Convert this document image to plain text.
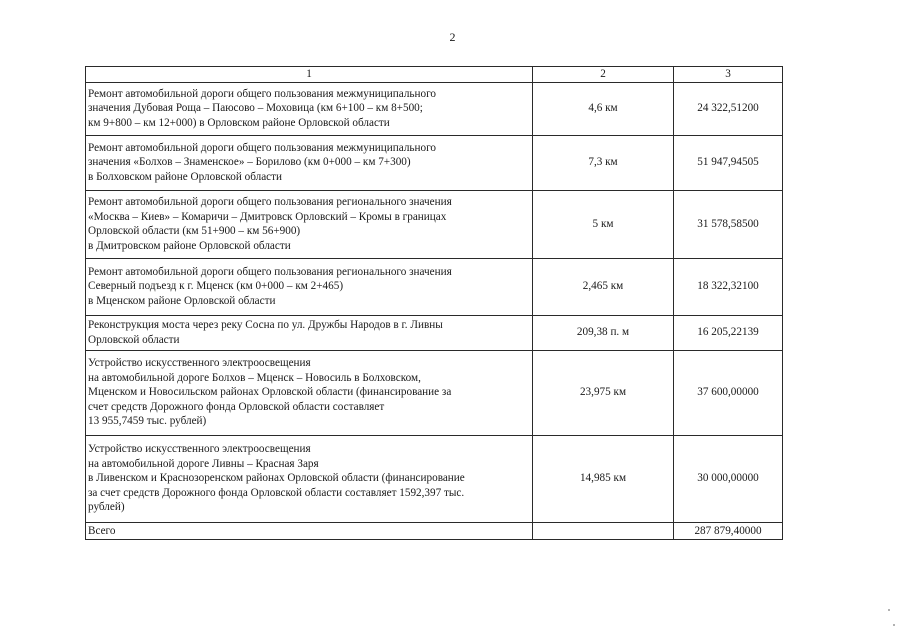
2
1	2	3
Ремонт автомобильной дороги общего пользования межмуниципального
значения Дубовая Роща – Паюсово – Моховица (км 6+100 – км 8+500;
км 9+800 – км 12+000) в Орловском районе Орловской области	4,6 км	24 322,51200
Ремонт автомобильной дороги общего пользования межмуниципального
значения «Болхов – Знаменское» – Борилово (км 0+000 – км 7+300)
в Болховском районе Орловской области	7,3 км	51 947,94505
Ремонт автомобильной дороги общего пользования регионального значения
«Москва – Киев» – Комаричи – Дмитровск Орловский – Кромы в границах
Орловской области (км 51+900 – км 56+900)
в Дмитровском районе Орловской области	5 км	31 578,58500
Ремонт автомобильной дороги общего пользования регионального значения
Северный подъезд к г. Мценск (км 0+000 – км 2+465)
в Мценском районе Орловской области	2,465 км	18 322,32100
Реконструкция моста через реку Сосна по ул. Дружбы Народов в г. Ливны
Орловской области	209,38 п. м	16 205,22139
Устройство искусственного электроосвещения
на автомобильной дороге Болхов – Мценск – Новосиль в Болховском,
Мценском и Новосильском районах Орловской области (финансирование за
счет средств Дорожного фонда Орловской области составляет
13 955,7459 тыс. рублей)	23,975 км	37 600,00000
Устройство искусственного электроосвещения
на автомобильной дороге Ливны – Красная Заря
в Ливенском и Краснозоренском районах Орловской области (финансирование
за счет средств Дорожного фонда Орловской области составляет 1592,397 тыс.
рублей)	14,985 км	30 000,00000
Всего		287 879,40000
